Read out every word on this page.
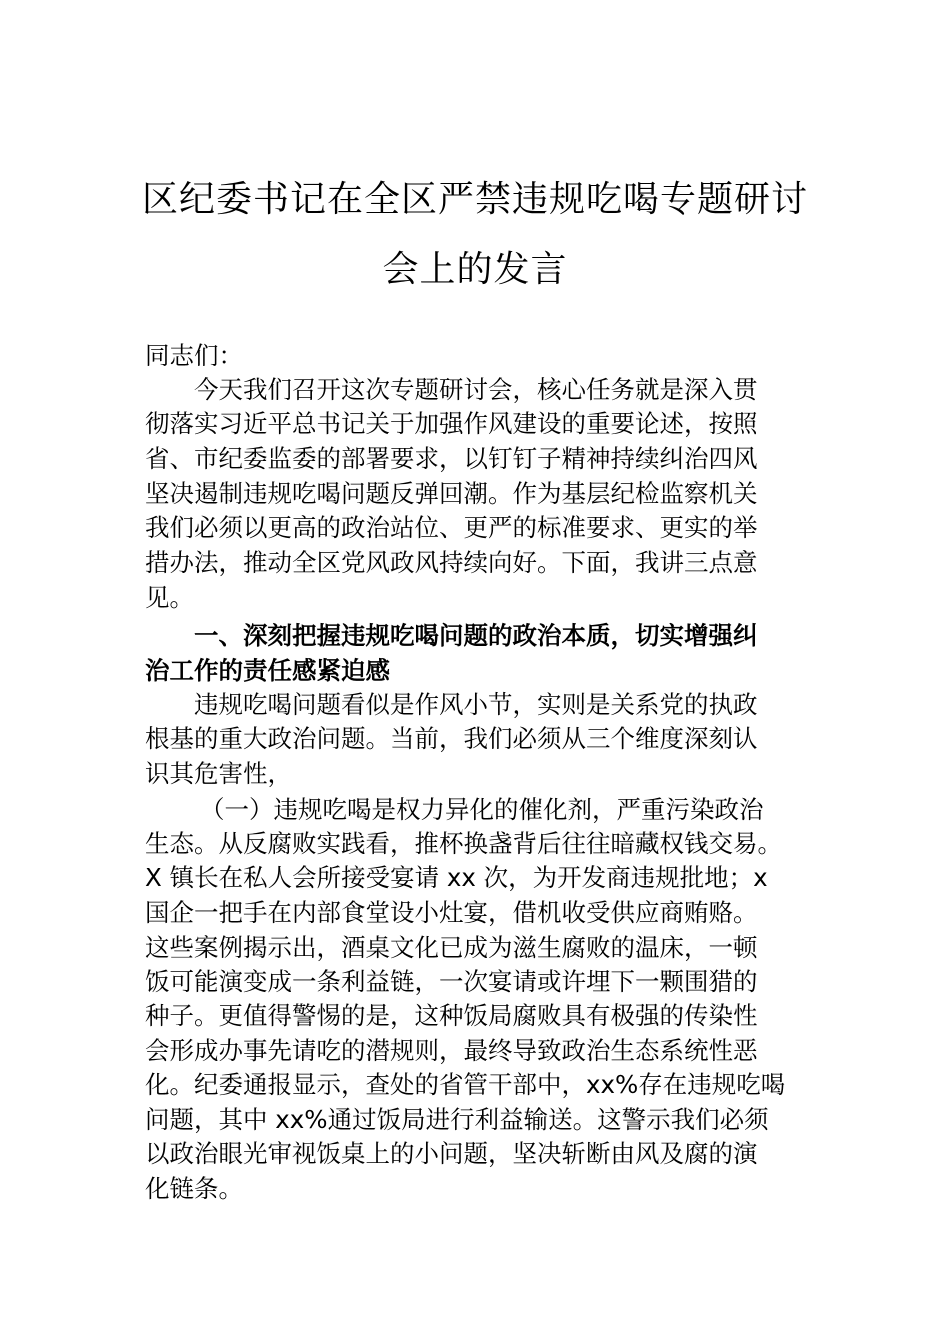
区纪委书记在全区严禁违规吃喝专题研讨
会上的发言
同志们：
今天我们召开这次专题研讨会，核心任务就是深入贯
彻落实习近平总书记关于加强作风建设的重要论述，按照
省、市纪委监委的部署要求，以钉钉子精神持续纠治四风
坚决遏制违规吃喝问题反弹回潮。作为基层纪检监察机关
我们必须以更高的政治站位、更严的标准要求、更实的举
措办法，推动全区党风政风持续向好。下面，我讲三点意
见。
一、深刻把握违规吃喝问题的政治本质，切实增强纠
治工作的责任感紧迫感
违规吃喝问题看似是作风小节，实则是关系党的执政
根基的重大政治问题。当前，我们必须从三个维度深刻认
识其危害性，
（一）违规吃喝是权力异化的催化剂，严重污染政治
生态。从反腐败实践看，推杯换盏背后往往暗藏权钱交易。
X 镇长在私人会所接受宴请 xx 次，为开发商违规批地；x
国企一把手在内部食堂设小灶宴，借机收受供应商贿赂。
这些案例揭示出，酒桌文化已成为滋生腐败的温床，一顿
饭可能演变成一条利益链，一次宴请或许埋下一颗围猎的
种子。更值得警惕的是，这种饭局腐败具有极强的传染性
会形成办事先请吃的潜规则，最终导致政治生态系统性恶
化。纪委通报显示，查处的省管干部中，xx%存在违规吃喝
问题，其中 xx%通过饭局进行利益输送。这警示我们必须
以政治眼光审视饭桌上的小问题，坚决斩断由风及腐的演
化链条。
